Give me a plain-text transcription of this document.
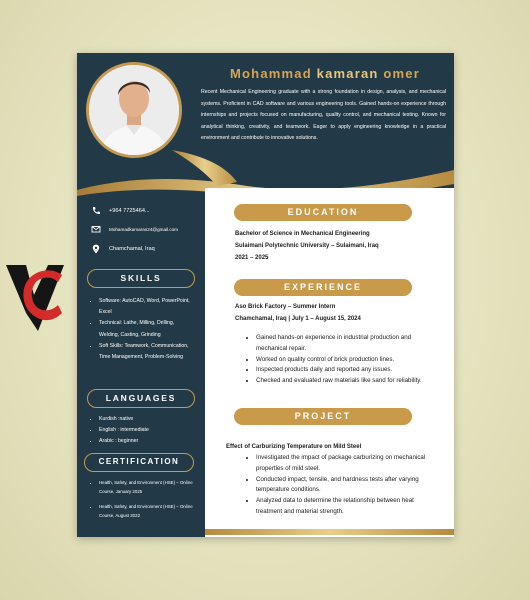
Mohammad kamaran omer
Recent Mechanical Engineering graduate with a strong foundation in design, analysis, and mechanical systems. Proficient in CAD software and various engineering tools. Gained hands-on experience through internships and projects focused on manufacturing, quality control, and mechanical testing. Known for analytical thinking, creativity, and teamwork. Eager to apply engineering knowledge in a practical environment and contribute to innovative solutions.
+964 7725464...
Mohamadkamaran24@gmail.com
Chamchamal, Iraq
SKILLS
• Software: AutoCAD, Word, PowerPoint, Excel
• Technical: Lathe, Milling, Drilling, Welding, Casting, Grinding
• Soft Skills: Teamwork, Communication, Time Management, Problem-Solving
LANGUAGES
• Kurdish :native
• English : intermediate
• Arabic : beginner
CERTIFICATION
• Health, Safety, and Environment (HSE) – Online Course, January 2025
• Health, Safety, and Environment (HSE) – Online Course, August 2022
EDUCATION
Bachelor of Science in Mechanical Engineering
Sulaimani Polytechnic University – Sulaimani, Iraq
2021 – 2025
EXPERIENCE
Aso Brick Factory – Summer Intern
Chamchamal, Iraq | July 1 – August 15, 2024
• Gained hands-on experience in industrial production and mechanical repair.
• Worked on quality control of brick production lines.
• Inspected products daily and reported any issues.
• Checked and evaluated raw materials like sand for reliability.
PROJECT
Effect of Carburizing Temperature on Mild Steel
• Investigated the impact of package carburizing on mechanical properties of mild steel.
• Conducted impact, tensile, and hardness tests after varying temperature conditions.
• Analyzed data to determine the relationship between heat treatment and material strength.
